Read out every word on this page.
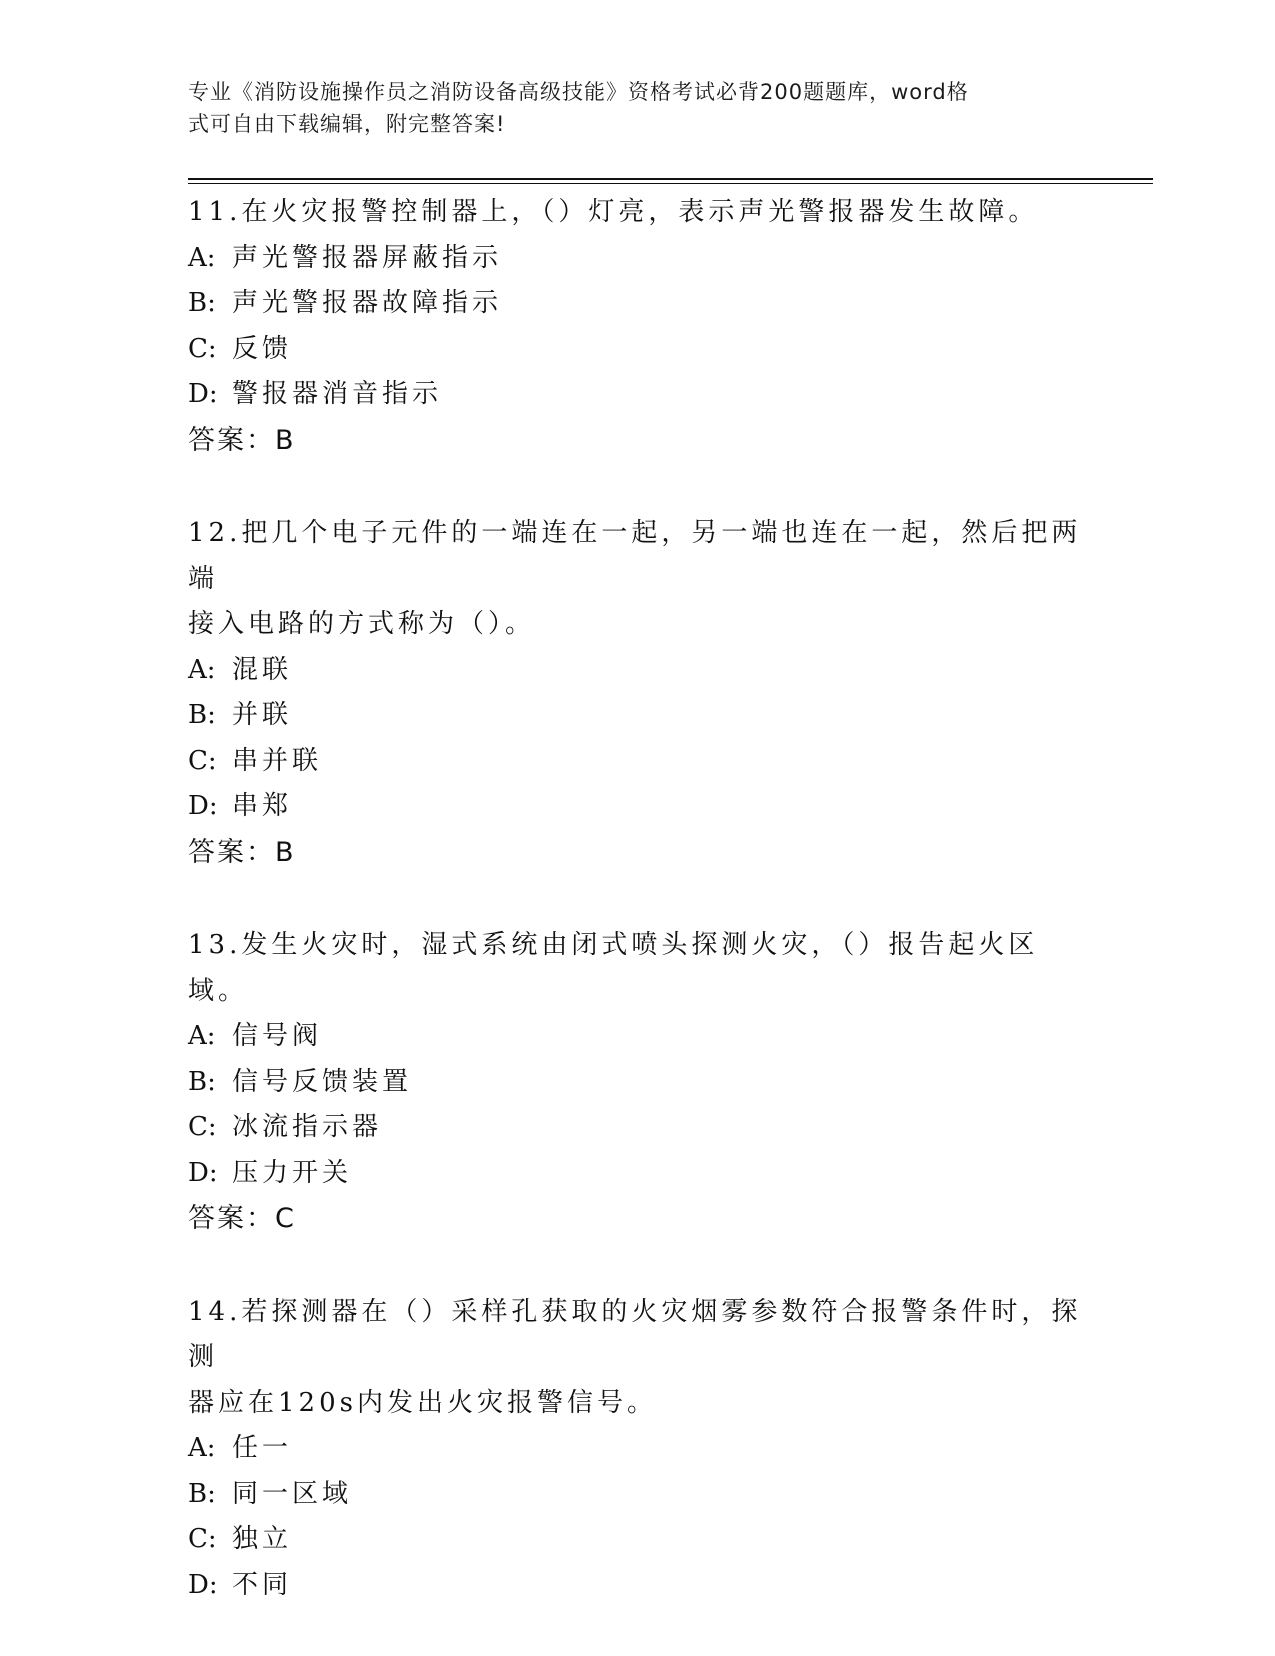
专业《消防设施操作员之消防设备高级技能》资格考试必背200题题库，word格
式可自由下载编辑，附完整答案!

11.在火灾报警控制器上，（）灯亮，表示声光警报器发生故障。

A: 声光警报器屏蔽指示

B: 声光警报器故障指示

C: 反馈

D: 警报器消音指示

答案：B

12.把几个电子元件的一端连在一起，另一端也连在一起，然后把两端

接入电路的方式称为（）。

A: 混联

B: 并联

C: 串并联

D: 串郑

答案：B

13.发生火灾时，湿式系统由闭式喷头探测火灾，（）报告起火区域。

A: 信号阀

B: 信号反馈装置

C: 冰流指示器

D: 压力开关

答案：C

14.若探测器在（）采样孔获取的火灾烟雾参数符合报警条件时，探测

器应在120s内发出火灾报警信号。

A: 任一

B: 同一区域

C: 独立

D: 不同
